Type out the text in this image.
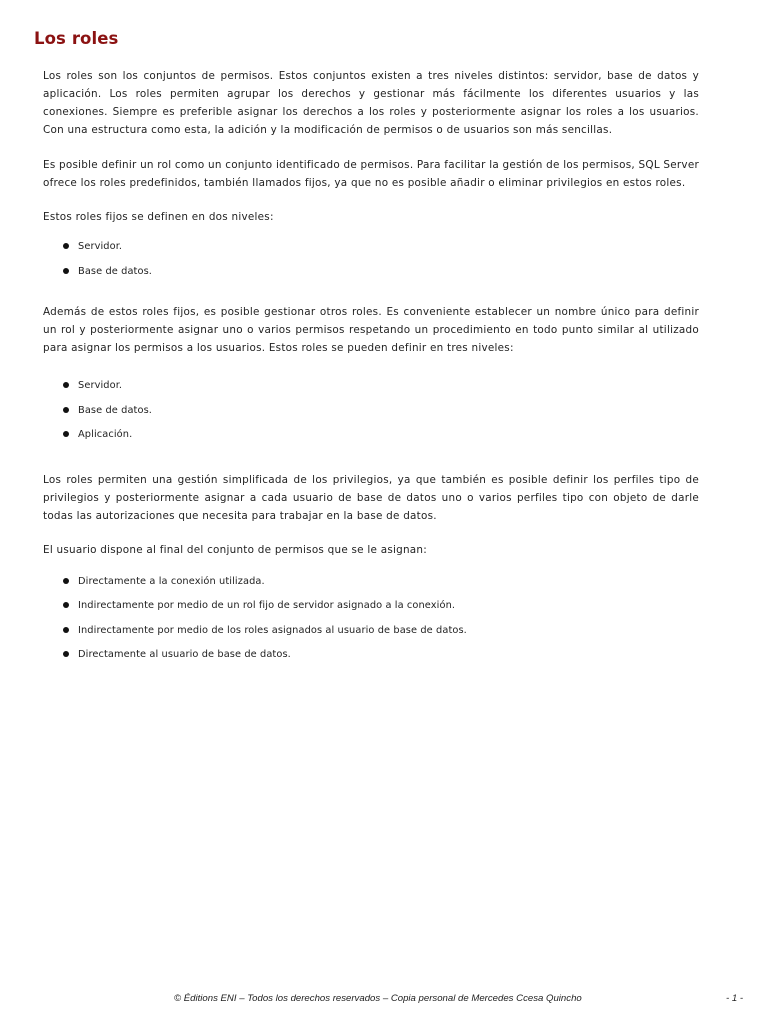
Los roles

Los roles son los conjuntos de permisos. Estos conjuntos existen a tres niveles distintos: servidor, base de datos y aplicación. Los roles permiten agrupar los derechos y gestionar más fácilmente los diferentes usuarios y las conexiones. Siempre es preferible asignar los derechos a los roles y posteriormente asignar los roles a los usuarios. Con una estructura como esta, la adición y la modificación de permisos o de usuarios son más sencillas.

Es posible definir un rol como un conjunto identificado de permisos. Para facilitar la gestión de los permisos, SQL Server ofrece los roles predefinidos, también llamados fijos, ya que no es posible añadir o eliminar privilegios en estos roles.

Estos roles fijos se definen en dos niveles:

Servidor.
Base de datos.

Además de estos roles fijos, es posible gestionar otros roles. Es conveniente establecer un nombre único para definir un rol y posteriormente asignar uno o varios permisos respetando un procedimiento en todo punto similar al utilizado para asignar los permisos a los usuarios. Estos roles se pueden definir en tres niveles:

Servidor.
Base de datos.
Aplicación.

Los roles permiten una gestión simplificada de los privilegios, ya que también es posible definir los perfiles tipo de privilegios y posteriormente asignar a cada usuario de base de datos uno o varios perfiles tipo con objeto de darle todas las autorizaciones que necesita para trabajar en la base de datos.

El usuario dispone al final del conjunto de permisos que se le asignan:

Directamente a la conexión utilizada.
Indirectamente por medio de un rol fijo de servidor asignado a la conexión.
Indirectamente por medio de los roles asignados al usuario de base de datos.
Directamente al usuario de base de datos.
© Éditions ENI – Todos los derechos reservados – Copia personal de Mercedes Ccesa Quincho	- 1 -
